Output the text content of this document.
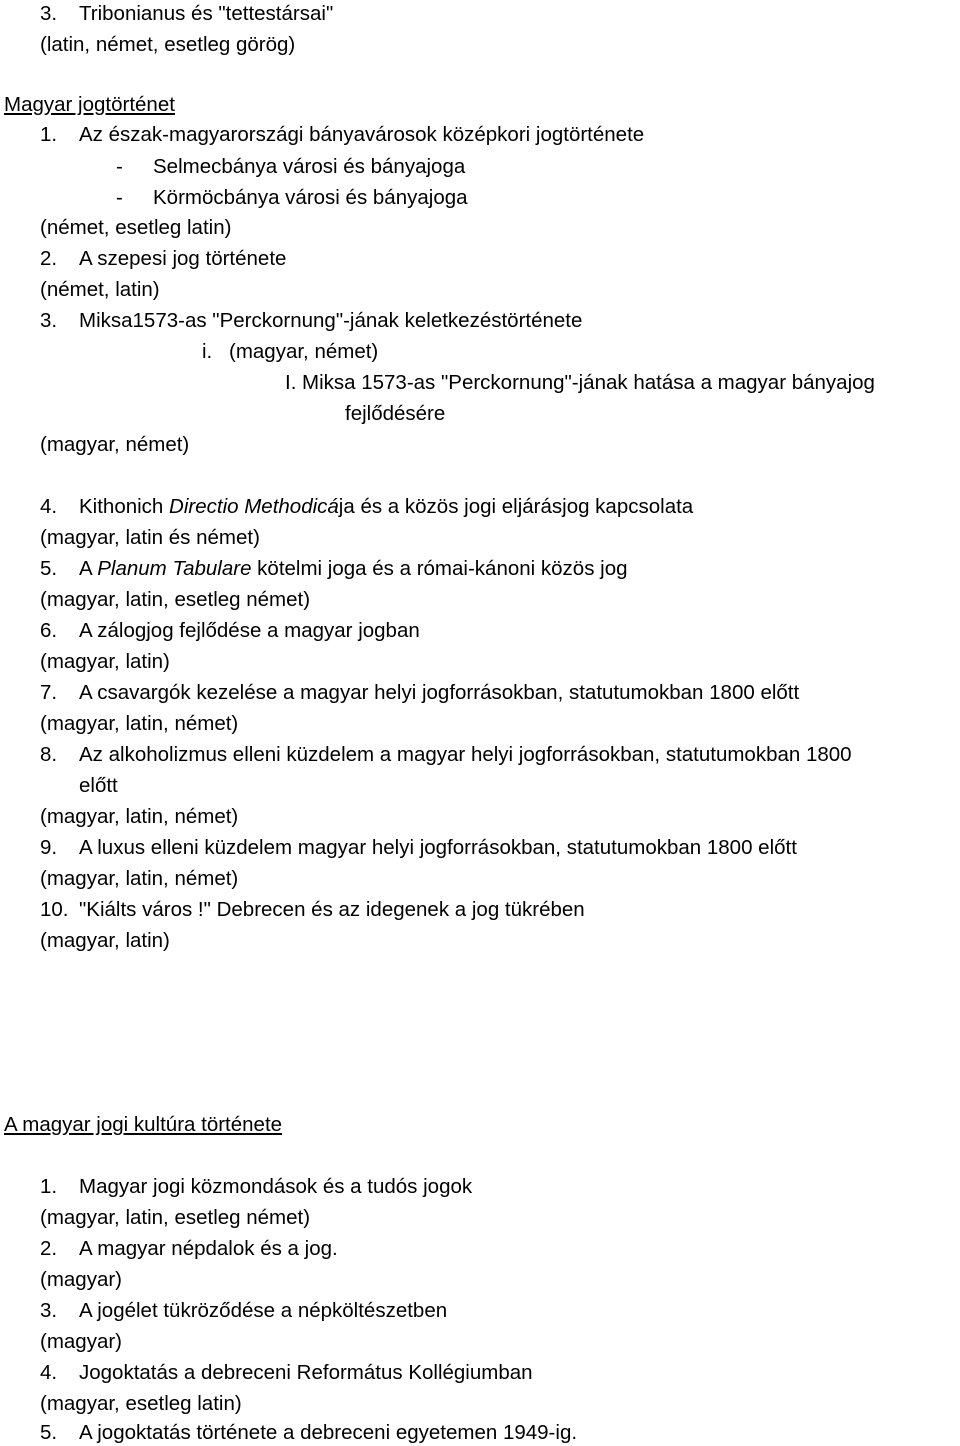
3. Tribonianus és "tettestársai"
(latin, német, esetleg görög)
Magyar jogtörténet
1. Az észak-magyarországi bányavárosok középkori jogtörténete
- Selmecbánya városi és bányajoga
- Körmöcbánya városi és bányajoga
(német, esetleg latin)
2. A szepesi jog története
(német, latin)
3. Miksa1573-as "Perckornung"-jának keletkezéstörténete
i. (magyar, német)
I. Miksa 1573-as "Perckornung"-jának hatása a magyar bányajog
fejlődésére
(magyar, német)
4. Kithonich Directio Methodicája és a közös jogi eljárásjog kapcsolata
(magyar, latin és német)
5. A Planum Tabulare kötelmi joga és a római-kánoni közös jog
(magyar, latin, esetleg német)
6. A zálogjog fejlődése a magyar jogban
(magyar, latin)
7. A csavargók kezelése a magyar helyi jogforrásokban, statutumokban 1800 előtt
(magyar, latin, német)
8. Az alkoholizmus elleni küzdelem a magyar helyi jogforrásokban, statutumokban 1800
előtt
(magyar, latin, német)
9. A luxus elleni küzdelem magyar helyi jogforrásokban, statutumokban 1800 előtt
(magyar, latin, német)
10. "Kiálts város !" Debrecen és az idegenek a jog tükrében
(magyar, latin)
A magyar jogi kultúra története
1. Magyar jogi közmondások és a tudós jogok
(magyar, latin, esetleg német)
2. A magyar népdalok és a jog.
(magyar)
3. A jogélet tükröződése a népköltészetben
(magyar)
4. Jogoktatás a debreceni Református Kollégiumban
(magyar, esetleg latin)
5. A jogoktatás története a debreceni egyetemen 1949-ig.
